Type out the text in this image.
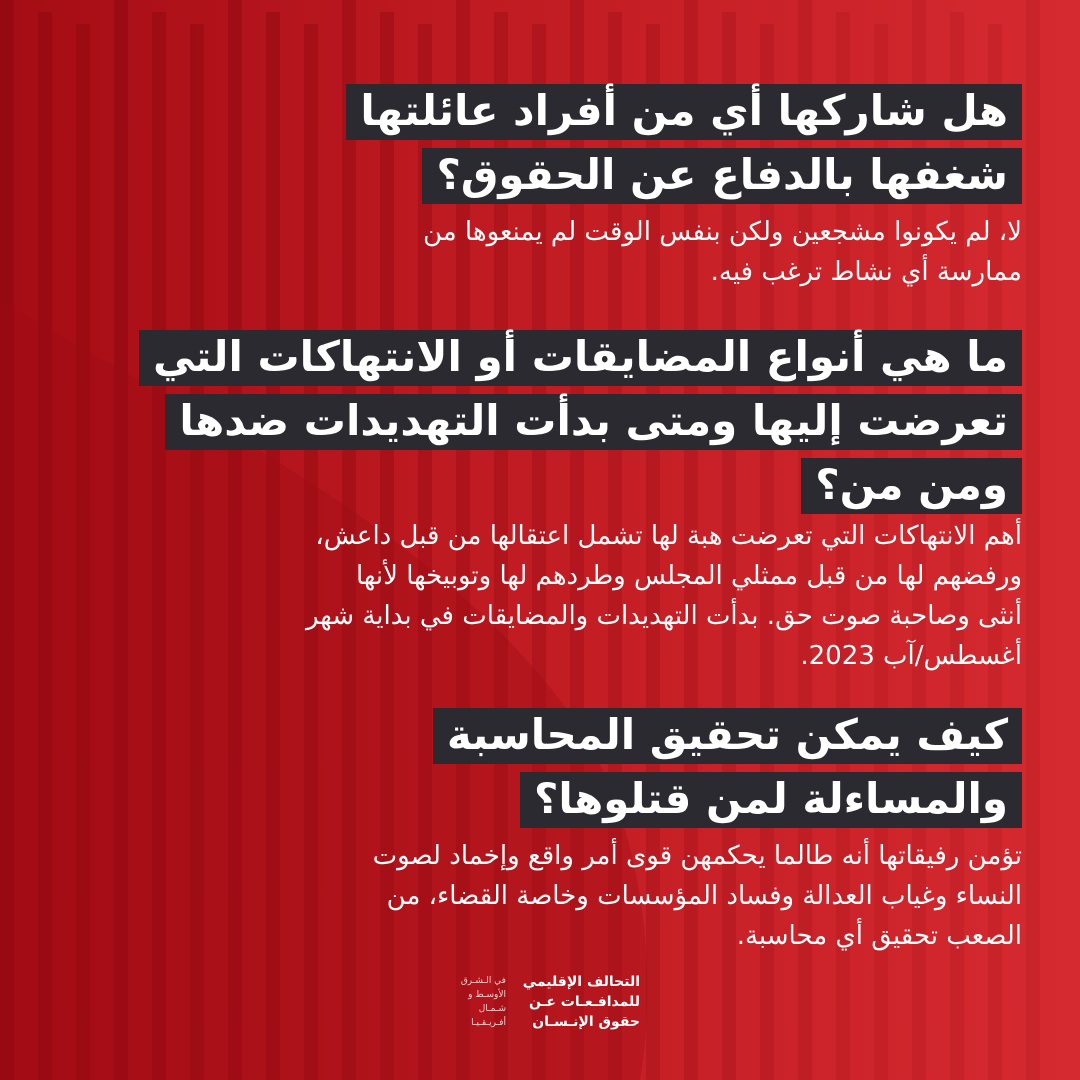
هل شاركها أي من أفراد عائلتها
شغفها بالدفاع عن الحقوق؟
لا، لم يكونوا مشجعين ولكن بنفس الوقت لم يمنعوها من
ممارسة أي نشاط ترغب فيه.
ما هي أنواع المضايقات أو الانتهاكات التي
تعرضت إليها ومتى بدأت التهديدات ضدها
ومن من؟
أهم الانتهاكات التي تعرضت هبة لها تشمل اعتقالها من قبل داعش،
ورفضهم لها من قبل ممثلي المجلس وطردهم لها وتوبيخها لأنها
أنثى وصاحبة صوت حق. بدأت التهديدات والمضايقات في بداية شهر
أغسطس/آب 2023.
كيف يمكن تحقيق المحاسبة
والمساءلة لمن قتلوها؟
تؤمن رفيقاتها أنه طالما يحكمهن قوى أمر واقع وإخماد لصوت
النساء وغياب العدالة وفساد المؤسسات وخاصة القضاء، من
الصعب تحقيق أي محاسبة.
التحالف الإقليمي
للمدافـعـات عـن
حقوق الإنـسـان
في الـشـرق
الأوسـط و
شـمـال
أفـريـقـيـا
